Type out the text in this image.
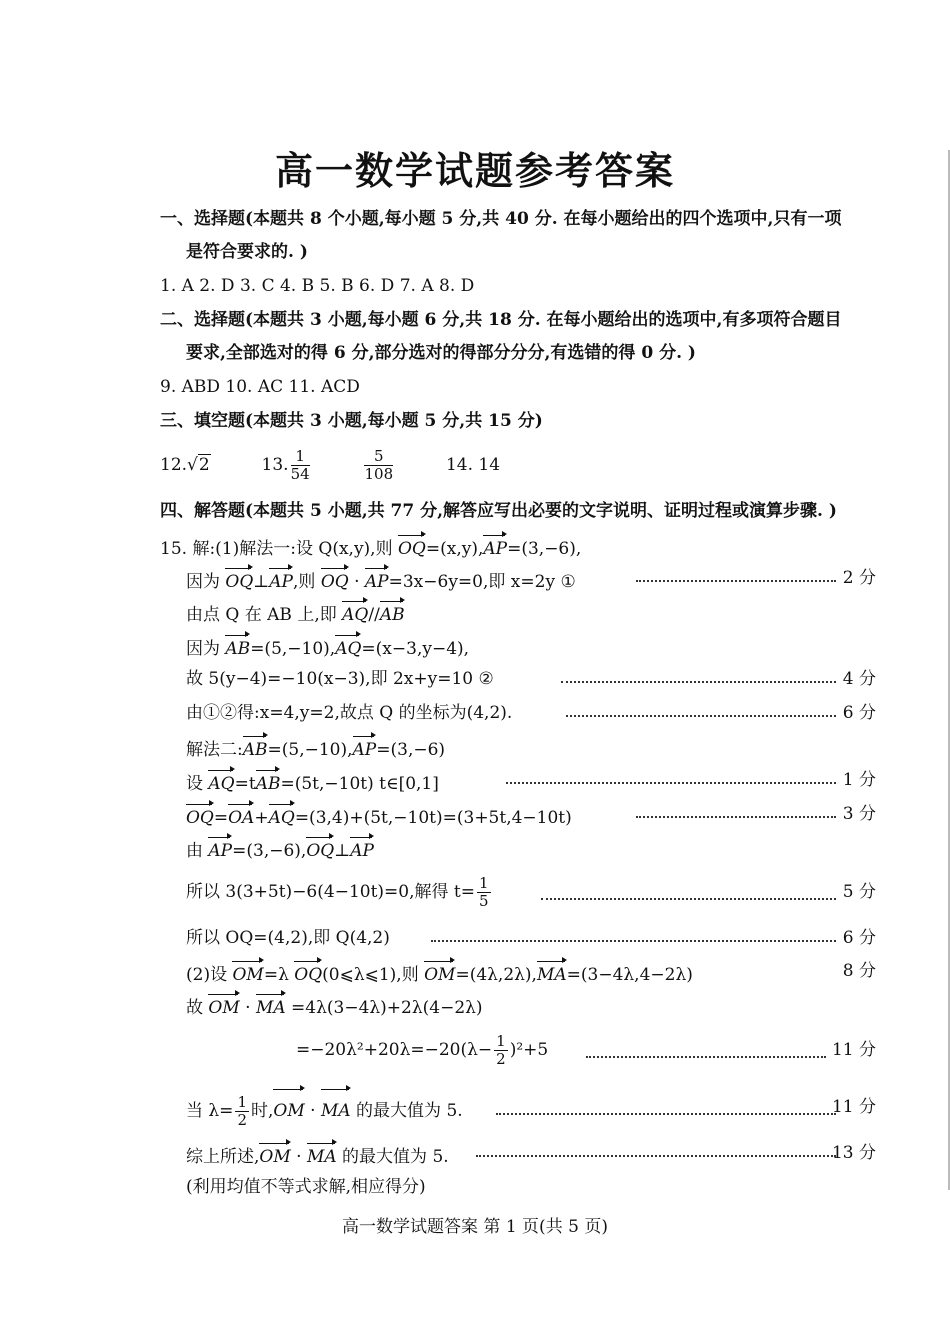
高一数学试题参考答案
一、选择题(本题共 8 个小题,每小题 5 分,共 40 分. 在每小题给出的四个选项中,只有一项
是符合要求的. )
1. A 2. D 3. C 4. B 5. B 6. D 7. A 8. D
二、选择题(本题共 3 小题,每小题 6 分,共 18 分. 在每小题给出的选项中,有多项符合题目
要求,全部选对的得 6 分,部分选对的得部分分分,有选错的得 0 分. )
9. ABD 10. AC 11. ACD
三、填空题(本题共 3 小题,每小题 5 分,共 15 分)
12.√2	13. $\frac{1}{54}$
	$\frac{5}{108}$	14. 14
四、解答题(本题共 5 小题,共 77 分,解答应写出必要的文字说明、证明过程或演算步骤. )
15. 解:(1)解法一:设 Q(x,y),则 OQ=(x,y),AP=(3,−6),
因为 OQ⊥AP,则 OQ · AP=3x−6y=0,即 x=2y ①	2 分
由点 Q 在 AB 上,即 AQ//AB
因为 AB=(5,−10),AQ=(x−3,y−4),
故 5(y−4)=−10(x−3),即 2x+y=10 ②	4 分
由①②得:x=4,y=2,故点 Q 的坐标为(4,2).	6 分
解法二:AB=(5,−10),AP=(3,−6)
设 AQ=tAB=(5t,−10t) t∈[0,1]	1 分
OQ=OA+AQ=(3,4)+(5t,−10t)=(3+5t,4−10t)	3 分
由 AP=(3,−6),OQ⊥AP
所以 3(3+5t)−6(4−10t)=0,解得 $t= \frac{1}{5}$	5 分
所以 OQ=(4,2),即 Q(4,2)	6 分
(2)设 OM=λ OQ(0⩽λ⩽1),则 OM=(4λ,2λ),MA=(3−4λ,4−2λ)	8 分
故 OM · MA =4λ(3−4λ)+2λ(4−2λ)
$=-20\lambda^2+20\lambda=-20(\lambda- \frac{1}{2} )^2+5$	11 分
当 $\lambda= \frac{1}{2}$ 时,OM · MA 的最大值为 5.	11 分
综上所述,OM · MA 的最大值为 5.	13 分
(利用均值不等式求解,相应得分)
高一数学试题答案 第 1 页(共 5 页)
